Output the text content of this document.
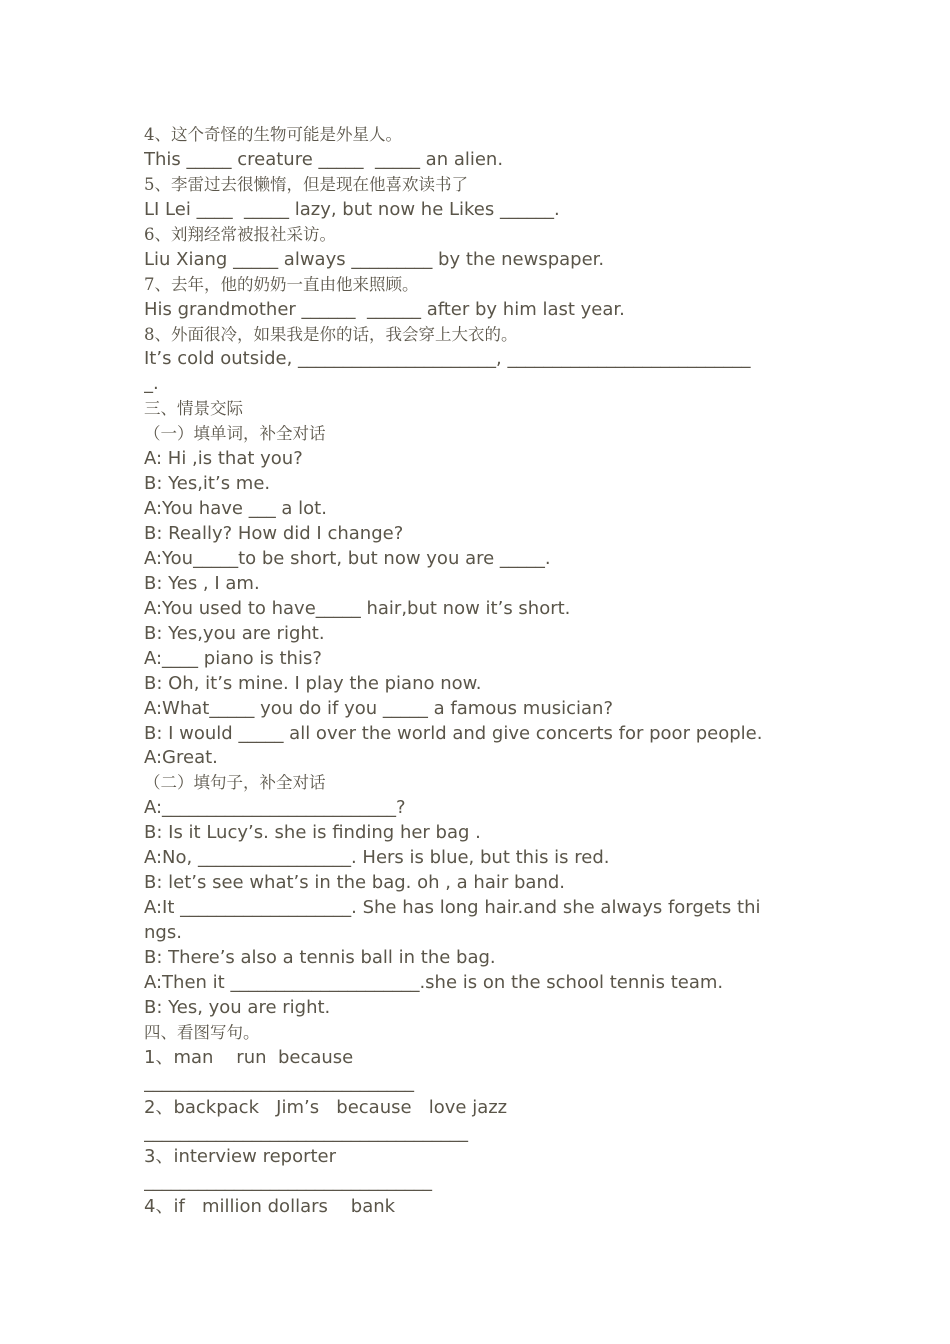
4、这个奇怪的生物可能是外星人。
This _____ creature _____  _____ an alien.
5、李雷过去很懒惰，但是现在他喜欢读书了
LI Lei ____  _____ lazy, but now he Likes ______.
6、刘翔经常被报社采访。
Liu Xiang _____ always _________ by the newspaper.
7、去年，他的奶奶一直由他来照顾。
His grandmother ______  ______ after by him last year.
8、外面很冷，如果我是你的话，我会穿上大衣的。
It’s cold outside, ______________________, ___________________________
_.
三、情景交际
（一）填单词，补全对话
A: Hi ,is that you?
B: Yes,it’s me.
A:You have ___ a lot.
B: Really? How did I change?
A:You_____to be short, but now you are _____.
B: Yes , I am.
A:You used to have_____ hair,but now it’s short.
B: Yes,you are right.
A:____ piano is this?
B: Oh, it’s mine. I play the piano now.
A:What_____ you do if you _____ a famous musician?
B: I would _____ all over the world and give concerts for poor people.
A:Great.
（二）填句子，补全对话
A:__________________________?
B: Is it Lucy’s. she is finding her bag .
A:No, _________________. Hers is blue, but this is red.
B: let’s see what’s in the bag. oh , a hair band.
A:It ___________________. She has long hair.and she always forgets thi
ngs.
B: There’s also a tennis ball in the bag.
A:Then it _____________________.she is on the school tennis team.
B: Yes, you are right.
四、看图写句。
1、man    run  because
______________________________
2、backpack   Jim’s   because   love jazz
____________________________________
3、interview reporter
________________________________
4、if   million dollars    bank
